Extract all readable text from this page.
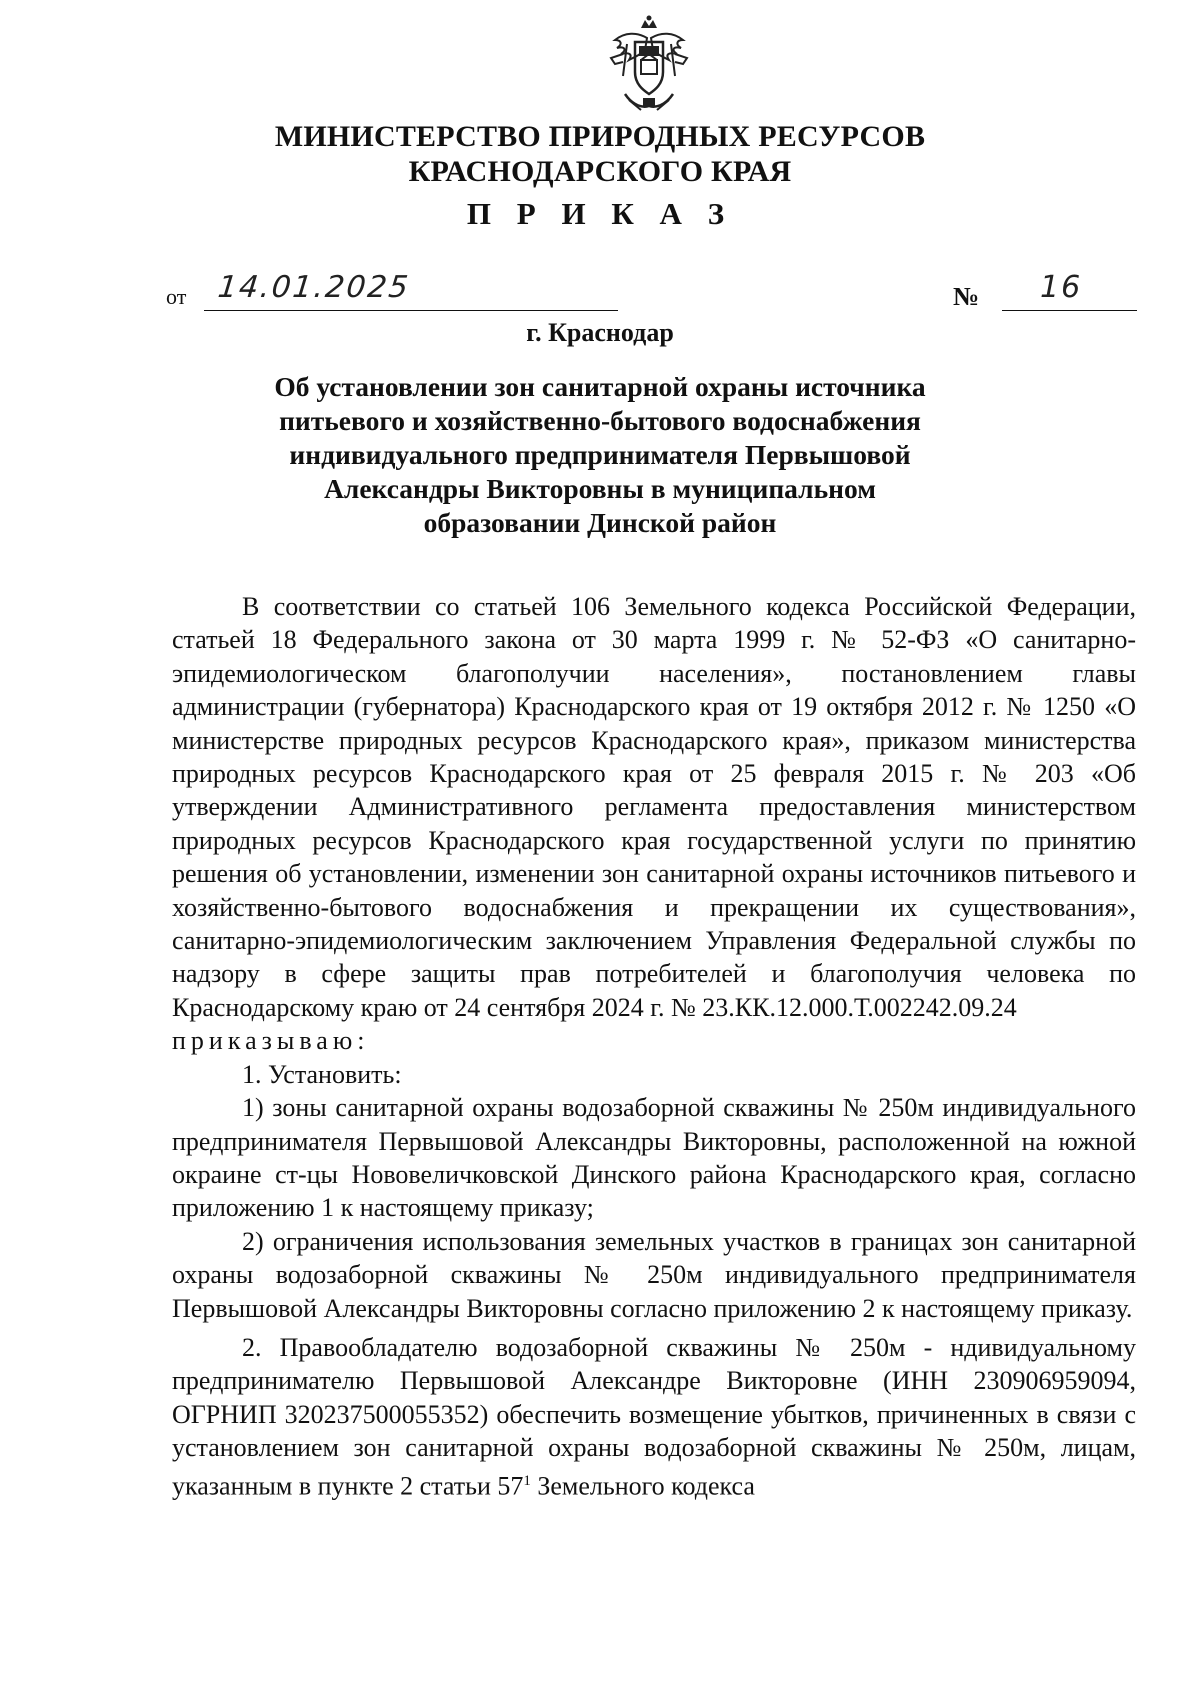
МИНИСТЕРСТВО ПРИРОДНЫХ РЕСУРСОВ
КРАСНОДАРСКОГО КРАЯ
П Р И К А З
от 14.01.2025	№ 16
г. Краснодар
Об установлении зон санитарной охраны источника
питьевого и хозяйственно-бытового водоснабжения
индивидуального предпринимателя Первышовой
Александры Викторовны в муниципальном
образовании Динской район

В соответствии со статьей 106 Земельного кодекса Российской Федерации, статьей 18 Федерального закона от 30 марта 1999 г. № 52-ФЗ «О санитарно-эпидемиологическом благополучии населения», постановлением главы администрации (губернатора) Краснодарского края от 19 октября 2012 г. № 1250 «О министерстве природных ресурсов Краснодарского края», приказом министерства природных ресурсов Краснодарского края от 25 февраля 2015 г. № 203 «Об утверждении Административного регламента предоставления министерством природных ресурсов Краснодарского края государственной услуги по принятию решения об установлении, изменении зон санитарной охраны источников питьевого и хозяйственно-бытового водоснабжения и прекращении их существования», санитарно-эпидемиологическим заключением Управления Федеральной службы по надзору в сфере защиты прав потребителей и благополучия человека по Краснодарскому краю от 24 сентября 2024 г. № 23.КК.12.000.Т.002242.09.24

приказываю:

1. Установить:

1) зоны санитарной охраны водозаборной скважины № 250м индивидуального предпринимателя Первышовой Александры Викторовны, расположенной на южной окраине ст-цы Нововеличковской Динского района Краснодарского края, согласно приложению 1 к настоящему приказу;

2) ограничения использования земельных участков в границах зон санитарной охраны водозаборной скважины № 250м индивидуального предпринимателя Первышовой Александры Викторовны согласно приложению 2 к настоящему приказу.

2. Правообладателю водозаборной скважины № 250м - ндивидуальному предпринимателю Первышовой Александре Викторовне (ИНН 230906959094, ОГРНИП 320237500055352) обеспечить возмещение убытков, причиненных в связи с установлением зон санитарной охраны водозаборной скважины № 250м, лицам, указанным в пункте 2 статьи $57^1$ Земельного кодекса
